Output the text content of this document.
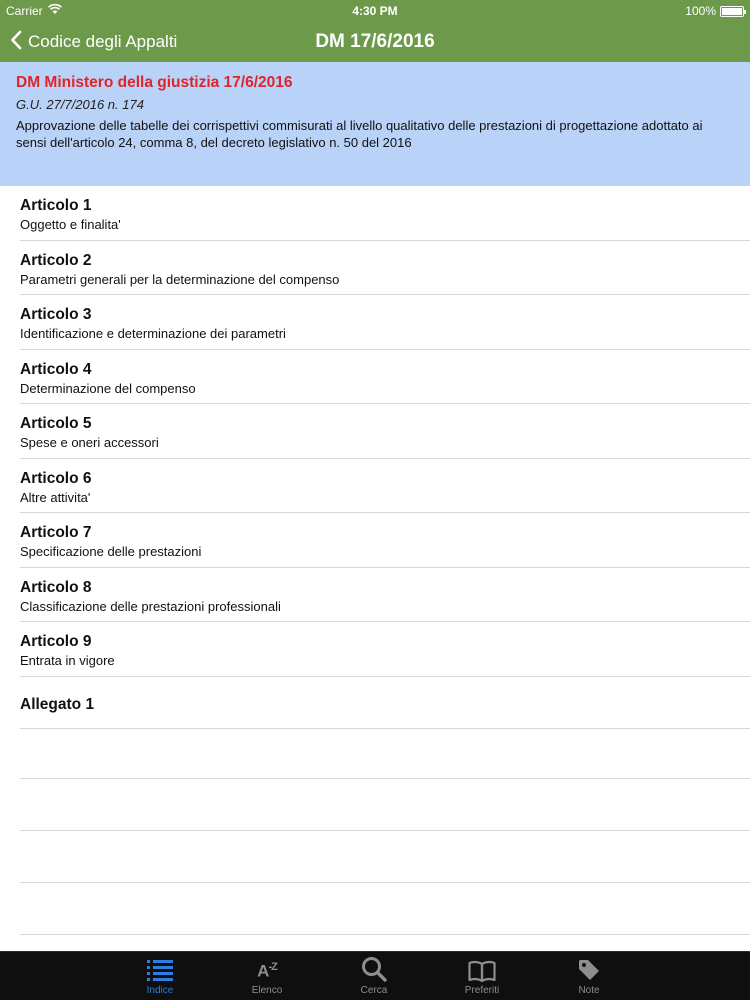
Carrier	4:30 PM	100%
Codice degli Appalti	DM 17/6/2016
DM Ministero della giustizia 17/6/2016
G.U. 27/7/2016 n. 174
Approvazione delle tabelle dei corrispettivi commisurati al livello qualitativo delle prestazioni di progettazione adottato ai sensi dell'articolo 24, comma 8, del decreto legislativo n. 50 del 2016
Articolo 1
Oggetto e finalita'
Articolo 2
Parametri generali per la determinazione del compenso
Articolo 3
Identificazione e determinazione dei parametri
Articolo 4
Determinazione del compenso
Articolo 5
Spese e oneri accessori
Articolo 6
Altre attivita'
Articolo 7
Specificazione delle prestazioni
Articolo 8
Classificazione delle prestazioni professionali
Articolo 9
Entrata in vigore
Allegato 1
Indice
$A^{-Z}$
Elenco	Cerca	Preferiti	Note
